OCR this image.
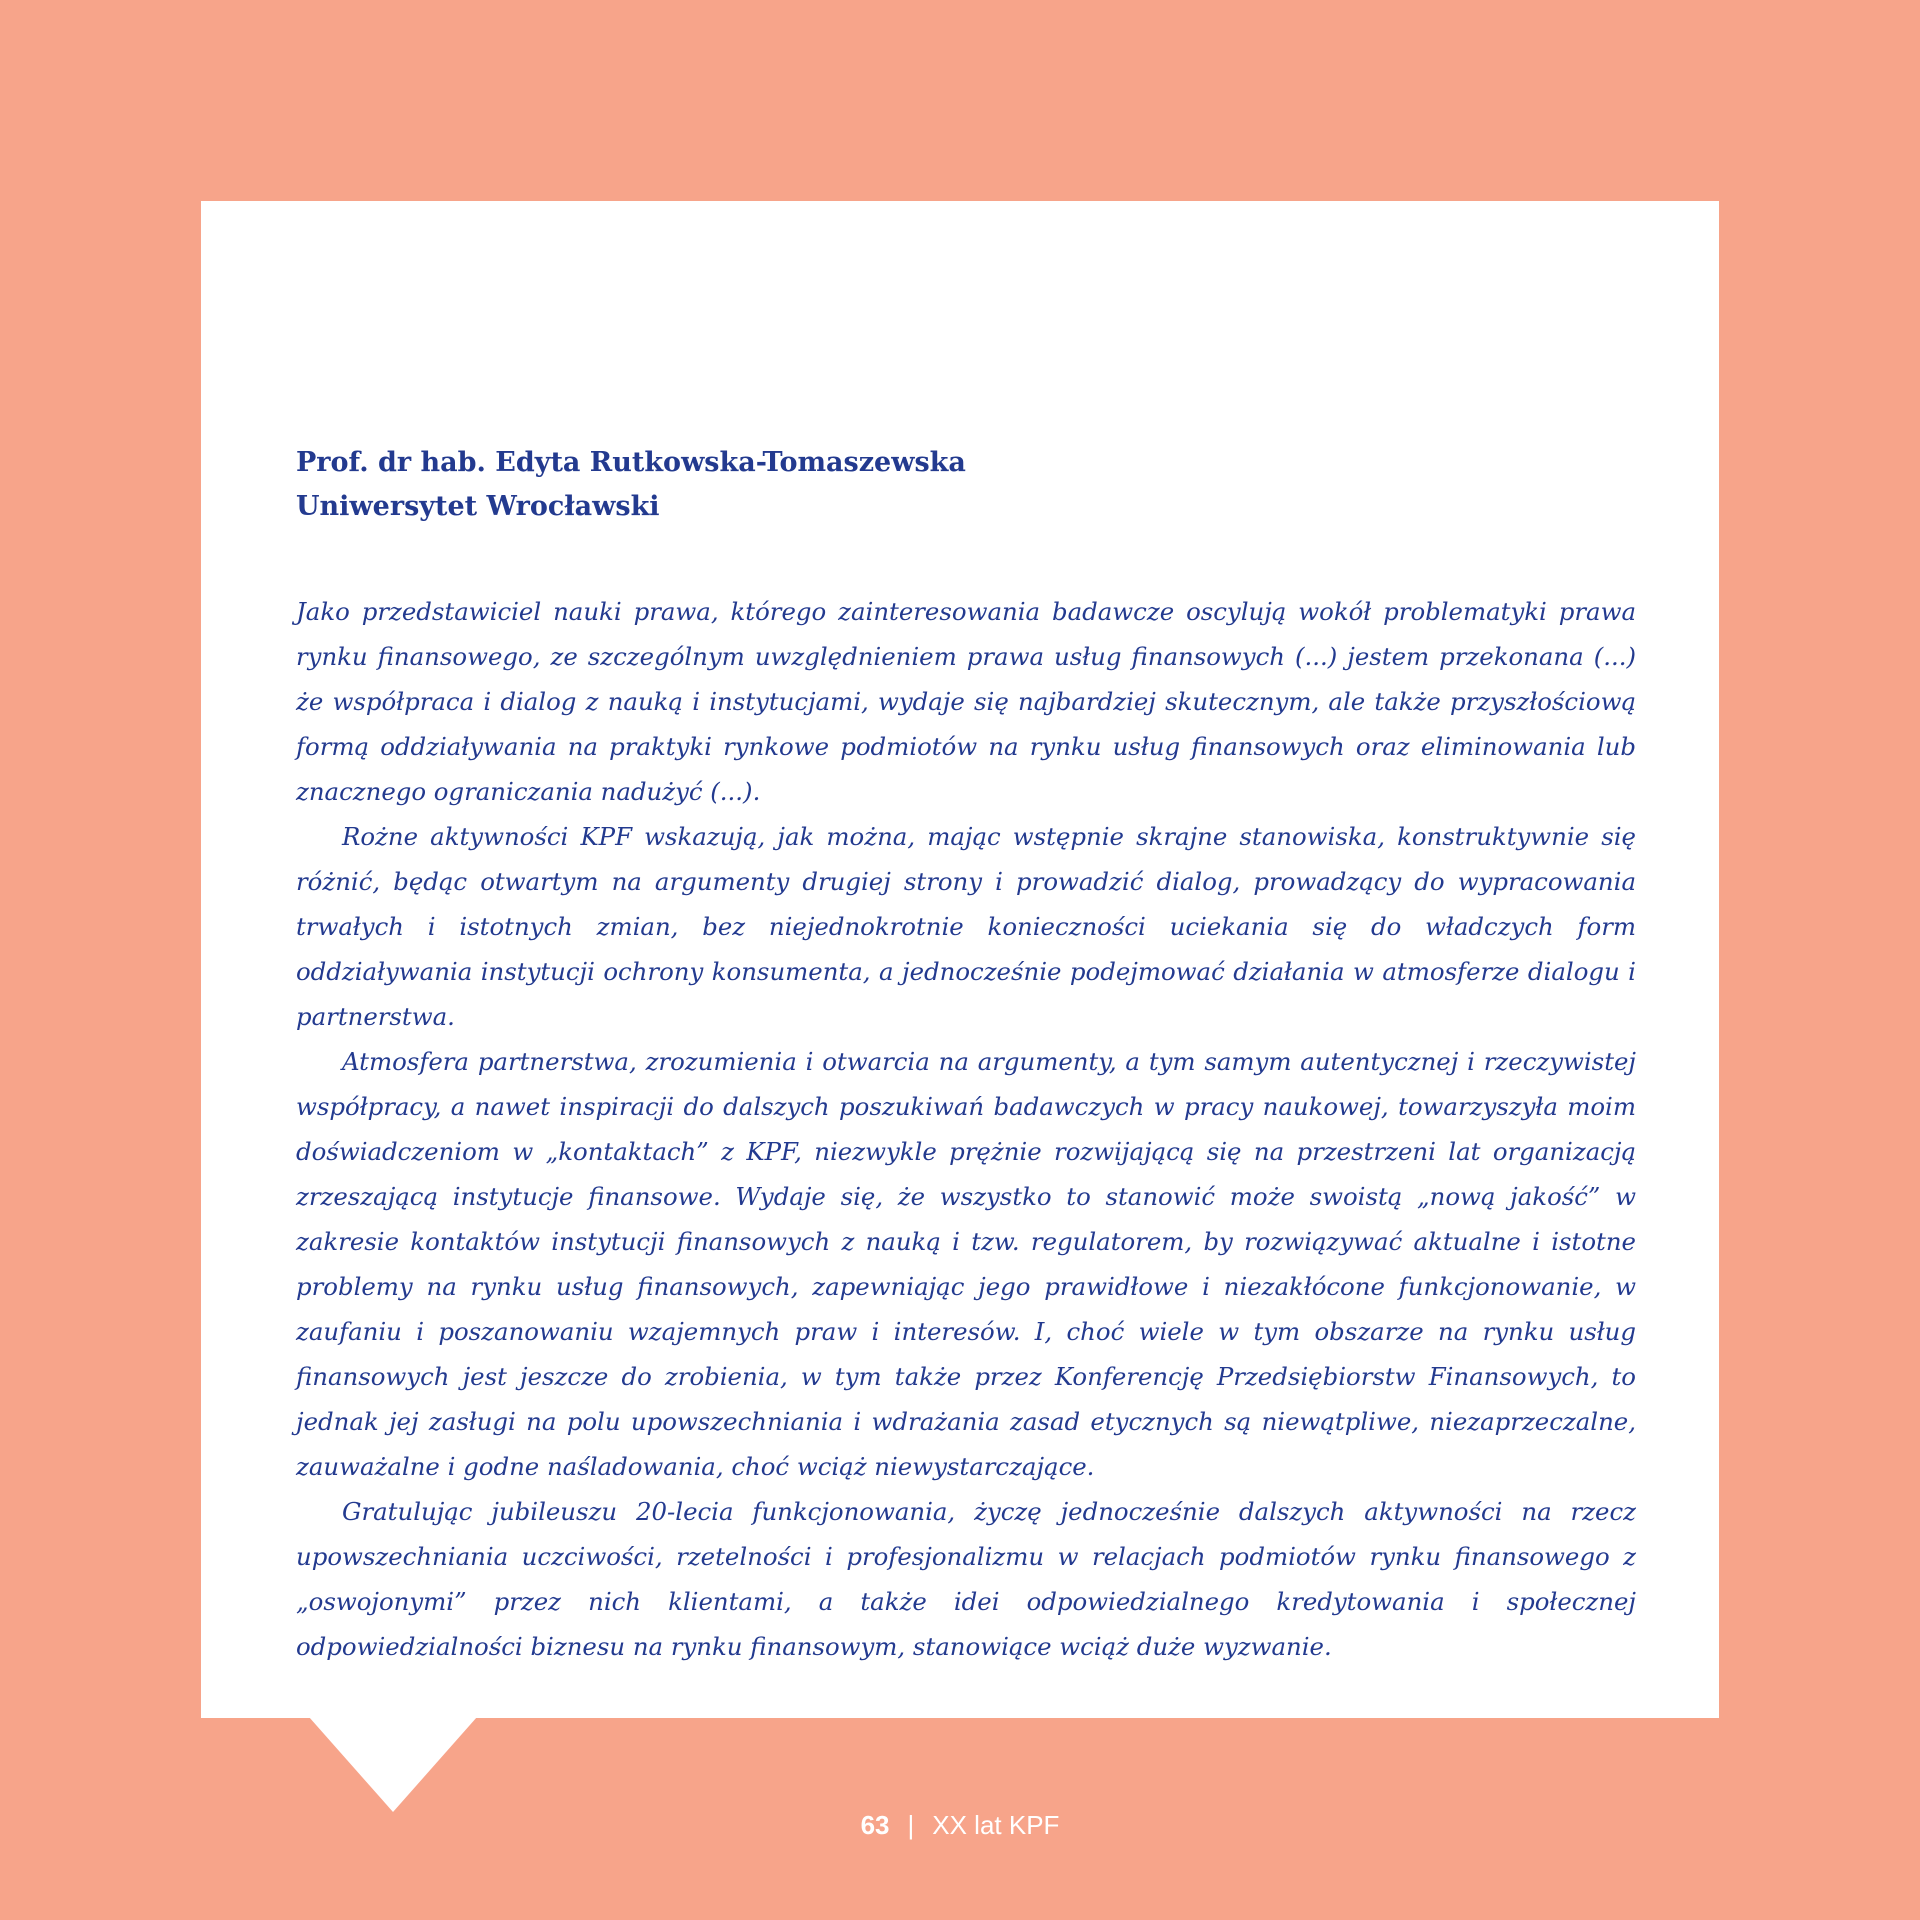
Prof. dr hab. Edyta Rutkowska-Tomaszewska

Uniwersytet Wrocławski

Jako przedstawiciel nauki prawa, którego zainteresowania badawcze oscylują wokół problematyki prawa rynku finansowego, ze szczególnym uwzględnieniem prawa usług finansowych (...) jestem przekonana (...) że współpraca i dialog z nauką i instytucjami, wydaje się najbardziej skutecznym, ale także przyszłościową formą oddziaływania na praktyki rynkowe podmiotów na rynku usług finansowych oraz eliminowania lub znacznego ograniczania nadużyć (...).

Rożne aktywności KPF wskazują, jak można, mając wstępnie skrajne stanowiska, konstruktywnie się różnić, będąc otwartym na argumenty drugiej strony i prowadzić dialog, prowadzący do wypracowania trwałych i istotnych zmian, bez niejednokrotnie konieczności uciekania się do władczych form oddziaływania instytucji ochrony konsumenta, a jednocześnie podejmować działania w atmosferze dialogu i partnerstwa.

Atmosfera partnerstwa, zrozumienia i otwarcia na argumenty, a tym samym autentycznej i rzeczywistej współpracy, a nawet inspiracji do dalszych poszukiwań badawczych w pracy naukowej, towarzyszyła moim doświadczeniom w „kontaktach” z KPF, niezwykle prężnie rozwijającą się na przestrzeni lat organizacją zrzeszającą instytucje finansowe. Wydaje się, że wszystko to stanowić może swoistą „nową jakość” w zakresie kontaktów instytucji finansowych z nauką i tzw. regulatorem, by rozwiązywać aktualne i istotne problemy na rynku usług finansowych, zapewniając jego prawidłowe i niezakłócone funkcjonowanie, w zaufaniu i poszanowaniu wzajemnych praw i interesów. I, choć wiele w tym obszarze na rynku usług finansowych jest jeszcze do zrobienia, w tym także przez Konferencję Przedsiębiorstw Finansowych, to jednak jej zasługi na polu upowszechniania i wdrażania zasad etycznych są niewątpliwe, niezaprzeczalne, zauważalne i godne naśladowania, choć wciąż niewystarczające.

Gratulując jubileuszu 20-lecia funkcjonowania, życzę jednocześnie dalszych aktywności na rzecz upowszechniania uczciwości, rzetelności i profesjonalizmu w relacjach podmiotów rynku finansowego z „oswojonymi” przez nich klientami, a także idei odpowiedzialnego kredytowania i społecznej odpowiedzialności biznesu na rynku finansowym, stanowiące wciąż duże wyzwanie.

63 | XX lat KPF
